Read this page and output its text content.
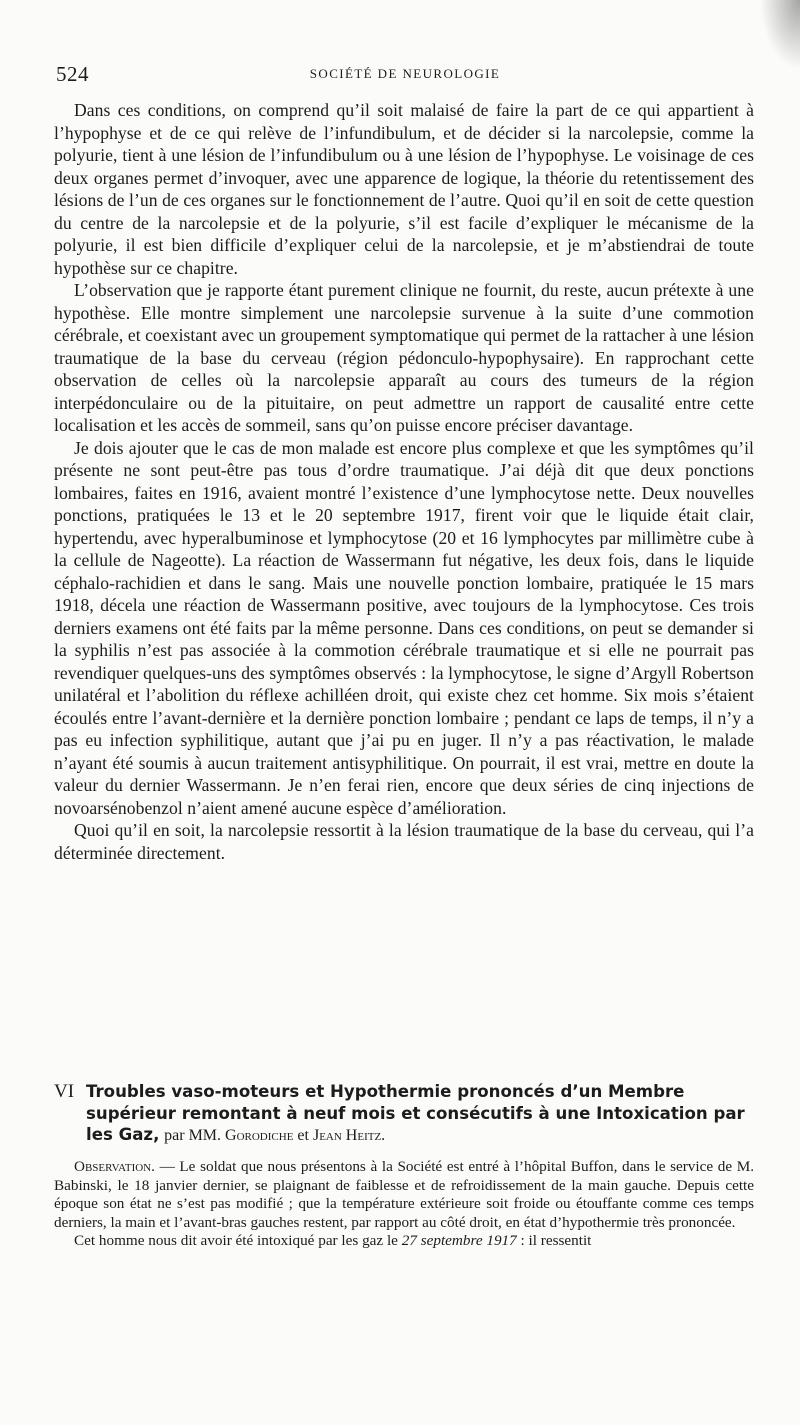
524	SOCIÉTÉ DE NEUROLOGIE

Dans ces conditions, on comprend qu’il soit malaisé de faire la part de ce qui appartient à l’hypophyse et de ce qui relève de l’infundibulum, et de décider si la narcolepsie, comme la polyurie, tient à une lésion de l’infundibulum ou à une lésion de l’hypophyse. Le voisinage de ces deux organes permet d’invoquer, avec une apparence de logique, la théorie du retentissement des lésions de l’un de ces organes sur le fonctionnement de l’autre. Quoi qu’il en soit de cette question du centre de la narcolepsie et de la polyurie, s’il est facile d’expliquer le mécanisme de la polyurie, il est bien difficile d’expliquer celui de la narcolepsie, et je m’abstiendrai de toute hypothèse sur ce chapitre.

L’observation que je rapporte étant purement clinique ne fournit, du reste, aucun prétexte à une hypothèse. Elle montre simplement une narcolepsie survenue à la suite d’une commotion cérébrale, et coexistant avec un groupement symptomatique qui permet de la rattacher à une lésion traumatique de la base du cerveau (région pédonculo-hypophysaire). En rapprochant cette observation de celles où la narcolepsie apparaît au cours des tumeurs de la région interpédonculaire ou de la pituitaire, on peut admettre un rapport de causalité entre cette localisation et les accès de sommeil, sans qu’on puisse encore préciser davantage.

Je dois ajouter que le cas de mon malade est encore plus complexe et que les symptômes qu’il présente ne sont peut-être pas tous d’ordre traumatique. J’ai déjà dit que deux ponctions lombaires, faites en 1916, avaient montré l’existence d’une lymphocytose nette. Deux nouvelles ponctions, pratiquées le 13 et le 20 septembre 1917, firent voir que le liquide était clair, hypertendu, avec hyperalbuminose et lymphocytose (20 et 16 lymphocytes par millimètre cube à la cellule de Nageotte). La réaction de Wassermann fut négative, les deux fois, dans le liquide céphalo-rachidien et dans le sang. Mais une nouvelle ponction lombaire, pratiquée le 15 mars 1918, décela une réaction de Wassermann positive, avec toujours de la lymphocytose. Ces trois derniers examens ont été faits par la même personne. Dans ces conditions, on peut se demander si la syphilis n’est pas associée à la commotion cérébrale traumatique et si elle ne pourrait pas revendiquer quelques-uns des symptômes observés : la lymphocytose, le signe d’Argyll Robertson unilatéral et l’abolition du réflexe achilléen droit, qui existe chez cet homme. Six mois s’étaient écoulés entre l’avant-dernière et la dernière ponction lombaire ; pendant ce laps de temps, il n’y a pas eu infection syphilitique, autant que j’ai pu en juger. Il n’y a pas réactivation, le malade n’ayant été soumis à aucun traitement antisyphilitique. On pourrait, il est vrai, mettre en doute la valeur du dernier Wassermann. Je n’en ferai rien, encore que deux séries de cinq injections de novoarsénobenzol n’aient amené aucune espèce d’amélioration.

Quoi qu’il en soit, la narcolepsie ressortit à la lésion traumatique de la base du cerveau, qui l’a déterminée directement.

VI Troubles vaso-moteurs et Hypothermie prononcés d’un Membre supérieur remontant à neuf mois et consécutifs à une Intoxication par les Gaz, par MM. Gorodiche et Jean Heitz.

Observation. — Le soldat que nous présentons à la Société est entré à l’hôpital Buffon, dans le service de M. Babinski, le 18 janvier dernier, se plaignant de faiblesse et de refroidissement de la main gauche. Depuis cette époque son état ne s’est pas modifié ; que la température extérieure soit froide ou étouffante comme ces temps derniers, la main et l’avant-bras gauches restent, par rapport au côté droit, en état d’hypothermie très prononcée.

Cet homme nous dit avoir été intoxiqué par les gaz le 27 septembre 1917 : il ressentit
